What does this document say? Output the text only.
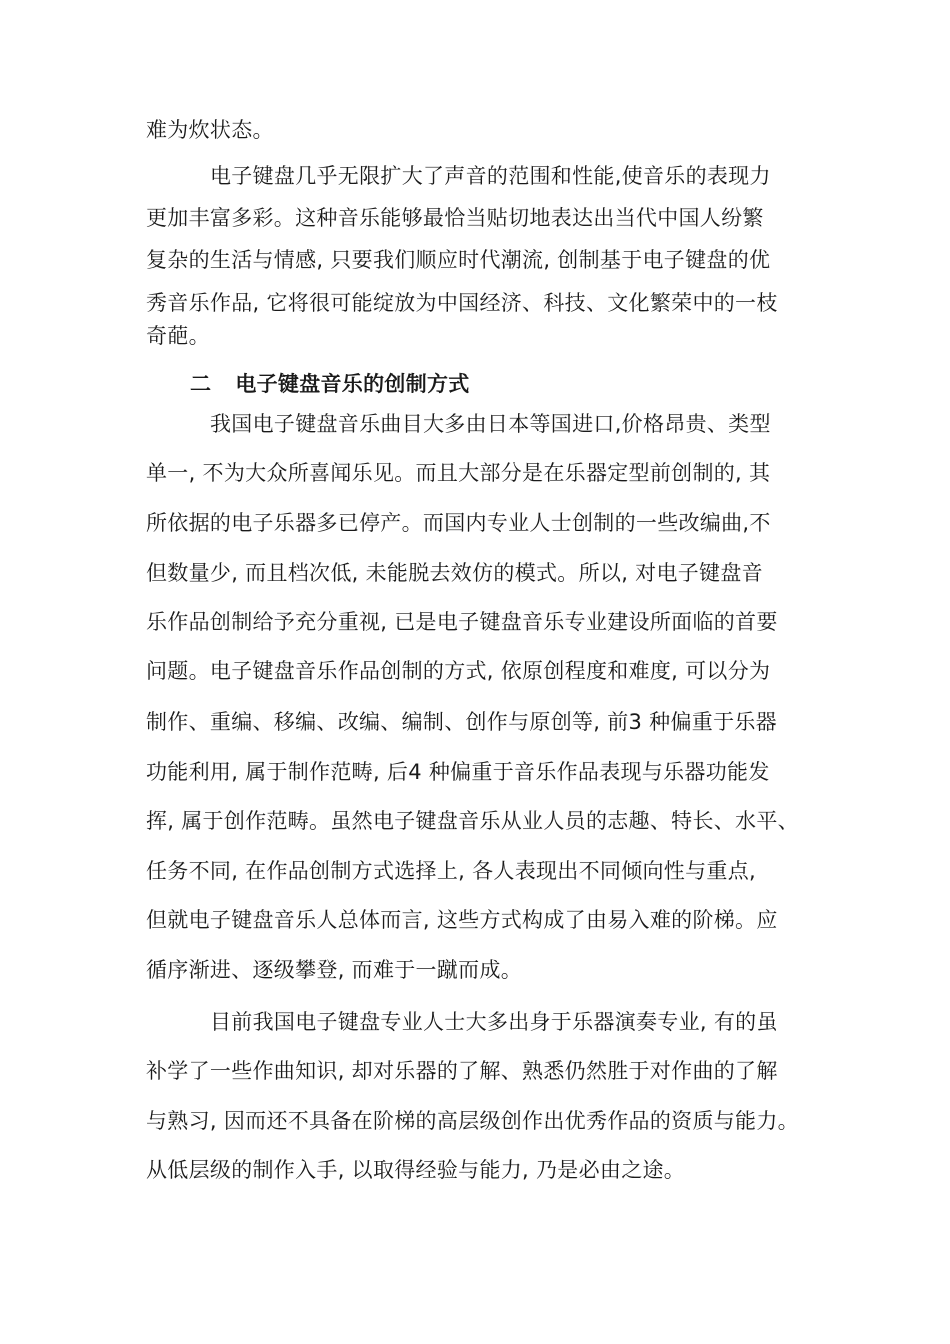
难为炊状态。
电子键盘几乎无限扩大了声音的范围和性能,使音乐的表现力
更加丰富多彩。这种音乐能够最恰当贴切地表达出当代中国人纷繁
复杂的生活与情感, 只要我们顺应时代潮流, 创制基于电子键盘的优
秀音乐作品, 它将很可能绽放为中国经济、科技、文化繁荣中的一枝
奇葩。
二 电子键盘音乐的创制方式
我国电子键盘音乐曲目大多由日本等国进口,价格昂贵、类型
单一, 不为大众所喜闻乐见。而且大部分是在乐器定型前创制的, 其
所依据的电子乐器多已停产。而国内专业人士创制的一些改编曲,不
但数量少, 而且档次低, 未能脱去效仿的模式。所以, 对电子键盘音
乐作品创制给予充分重视, 已是电子键盘音乐专业建设所面临的首要
问题。电子键盘音乐作品创制的方式, 依原创程度和难度, 可以分为
制作、重编、移编、改编、编制、创作与原创等, 前3 种偏重于乐器
功能利用, 属于制作范畴, 后4 种偏重于音乐作品表现与乐器功能发
挥, 属于创作范畴。虽然电子键盘音乐从业人员的志趣、特长、水平、
任务不同, 在作品创制方式选择上, 各人表现出不同倾向性与重点,
但就电子键盘音乐人总体而言, 这些方式构成了由易入难的阶梯。应
循序渐进、逐级攀登, 而难于一蹴而成。
目前我国电子键盘专业人士大多出身于乐器演奏专业, 有的虽
补学了一些作曲知识, 却对乐器的了解、熟悉仍然胜于对作曲的了解
与熟习, 因而还不具备在阶梯的高层级创作出优秀作品的资质与能力。
从低层级的制作入手, 以取得经验与能力, 乃是必由之途。
